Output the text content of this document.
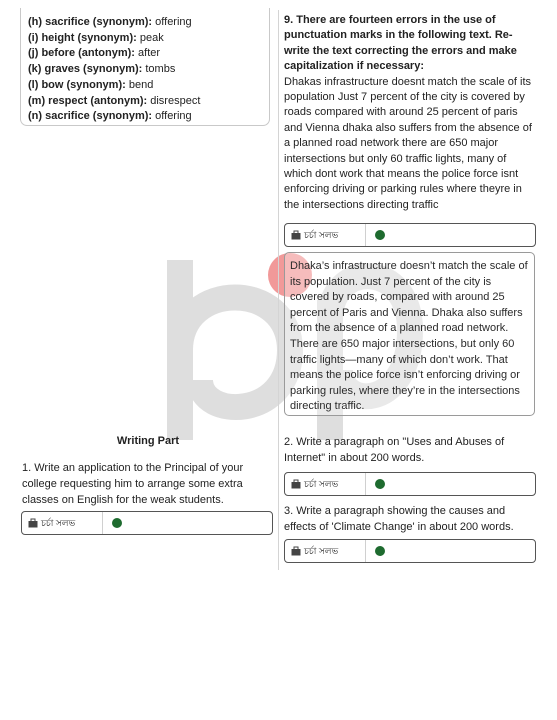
(h) sacrifice (synonym): offering
(i) height (synonym): peak
(j) before (antonym): after
(k) graves (synonym): tombs
(l) bow (synonym): bend
(m) respect (antonym): disrespect
(n) sacrifice (synonym): offering
9. There are fourteen errors in the use of punctuation marks in the following text. Re-write the text correcting the errors and make capitalization if necessary:
Dhakas infrastructure doesnt match the scale of its population Just 7 percent of the city is covered by roads compared with around 25 percent of paris and Vienna dhaka also suffers from the absence of a planned road network there are 650 major intersections but only 60 traffic lights, many of which dont work that means the police force isnt enforcing driving or parking rules where theyre in the intersections directing traffic
চর্চা সলভ
Dhaka’s infrastructure doesn’t match the scale of its population. Just 7 percent of the city is covered by roads, compared with around 25 percent of Paris and Vienna. Dhaka also suffers from the absence of a planned road network. There are 650 major intersections, but only 60 traffic lights—many of which don’t work. That means the police force isn’t enforcing driving or parking rules, where they’re in the intersections directing traffic.
Writing Part
1. Write an application to the Principal of your college requesting him to arrange some extra classes on English for the weak students.
চর্চা সলভ
2. Write a paragraph on "Uses and Abuses of Internet" in about 200 words.
চর্চা সলভ
3. Write a paragraph showing the causes and effects of 'Climate Change' in about 200 words.
চর্চা সলভ
